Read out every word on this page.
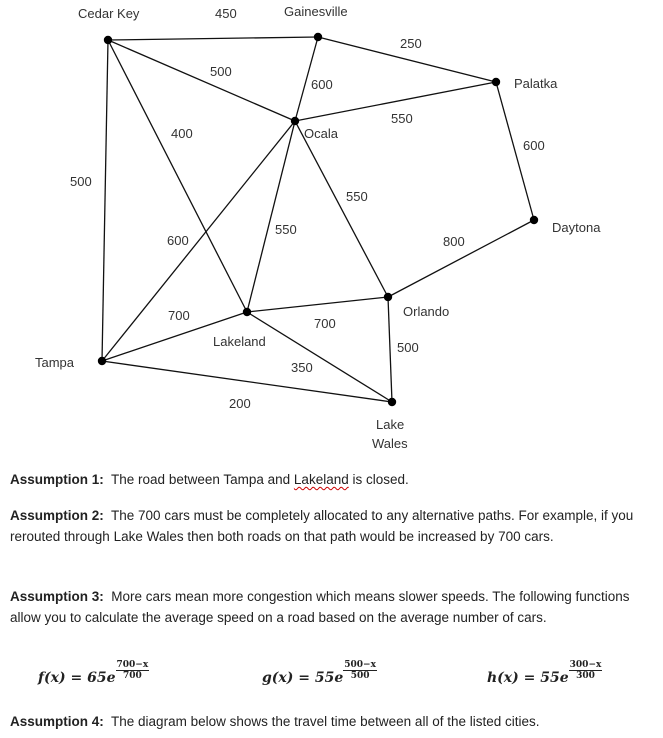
Cedar Key	Gainesville
Palatka
Ocala
Daytona
Orlando
Lakeland
Tampa
Lake
Wales
450
250
500
600
550
600
400
500
550
600
550
800
700
700
500
350
200

Assumption 1: The road between Tampa and Lakeland is closed.

Assumption 2: The 700 cars must be completely allocated to any alternative paths. For example, if you rerouted through Lake Wales then both roads on that path would be increased by 700 cars.

Assumption 3: More cars mean more congestion which means slower speeds. The following functions allow you to calculate the average speed on a road based on the average number of cars.

$f(x) = 65e \frac{700-x}{700}$	$g(x) = 55e \frac{500-x}{500}$	$h(x) = 55e \frac{300-x}{300}$

Assumption 4: The diagram below shows the travel time between all of the listed cities.
